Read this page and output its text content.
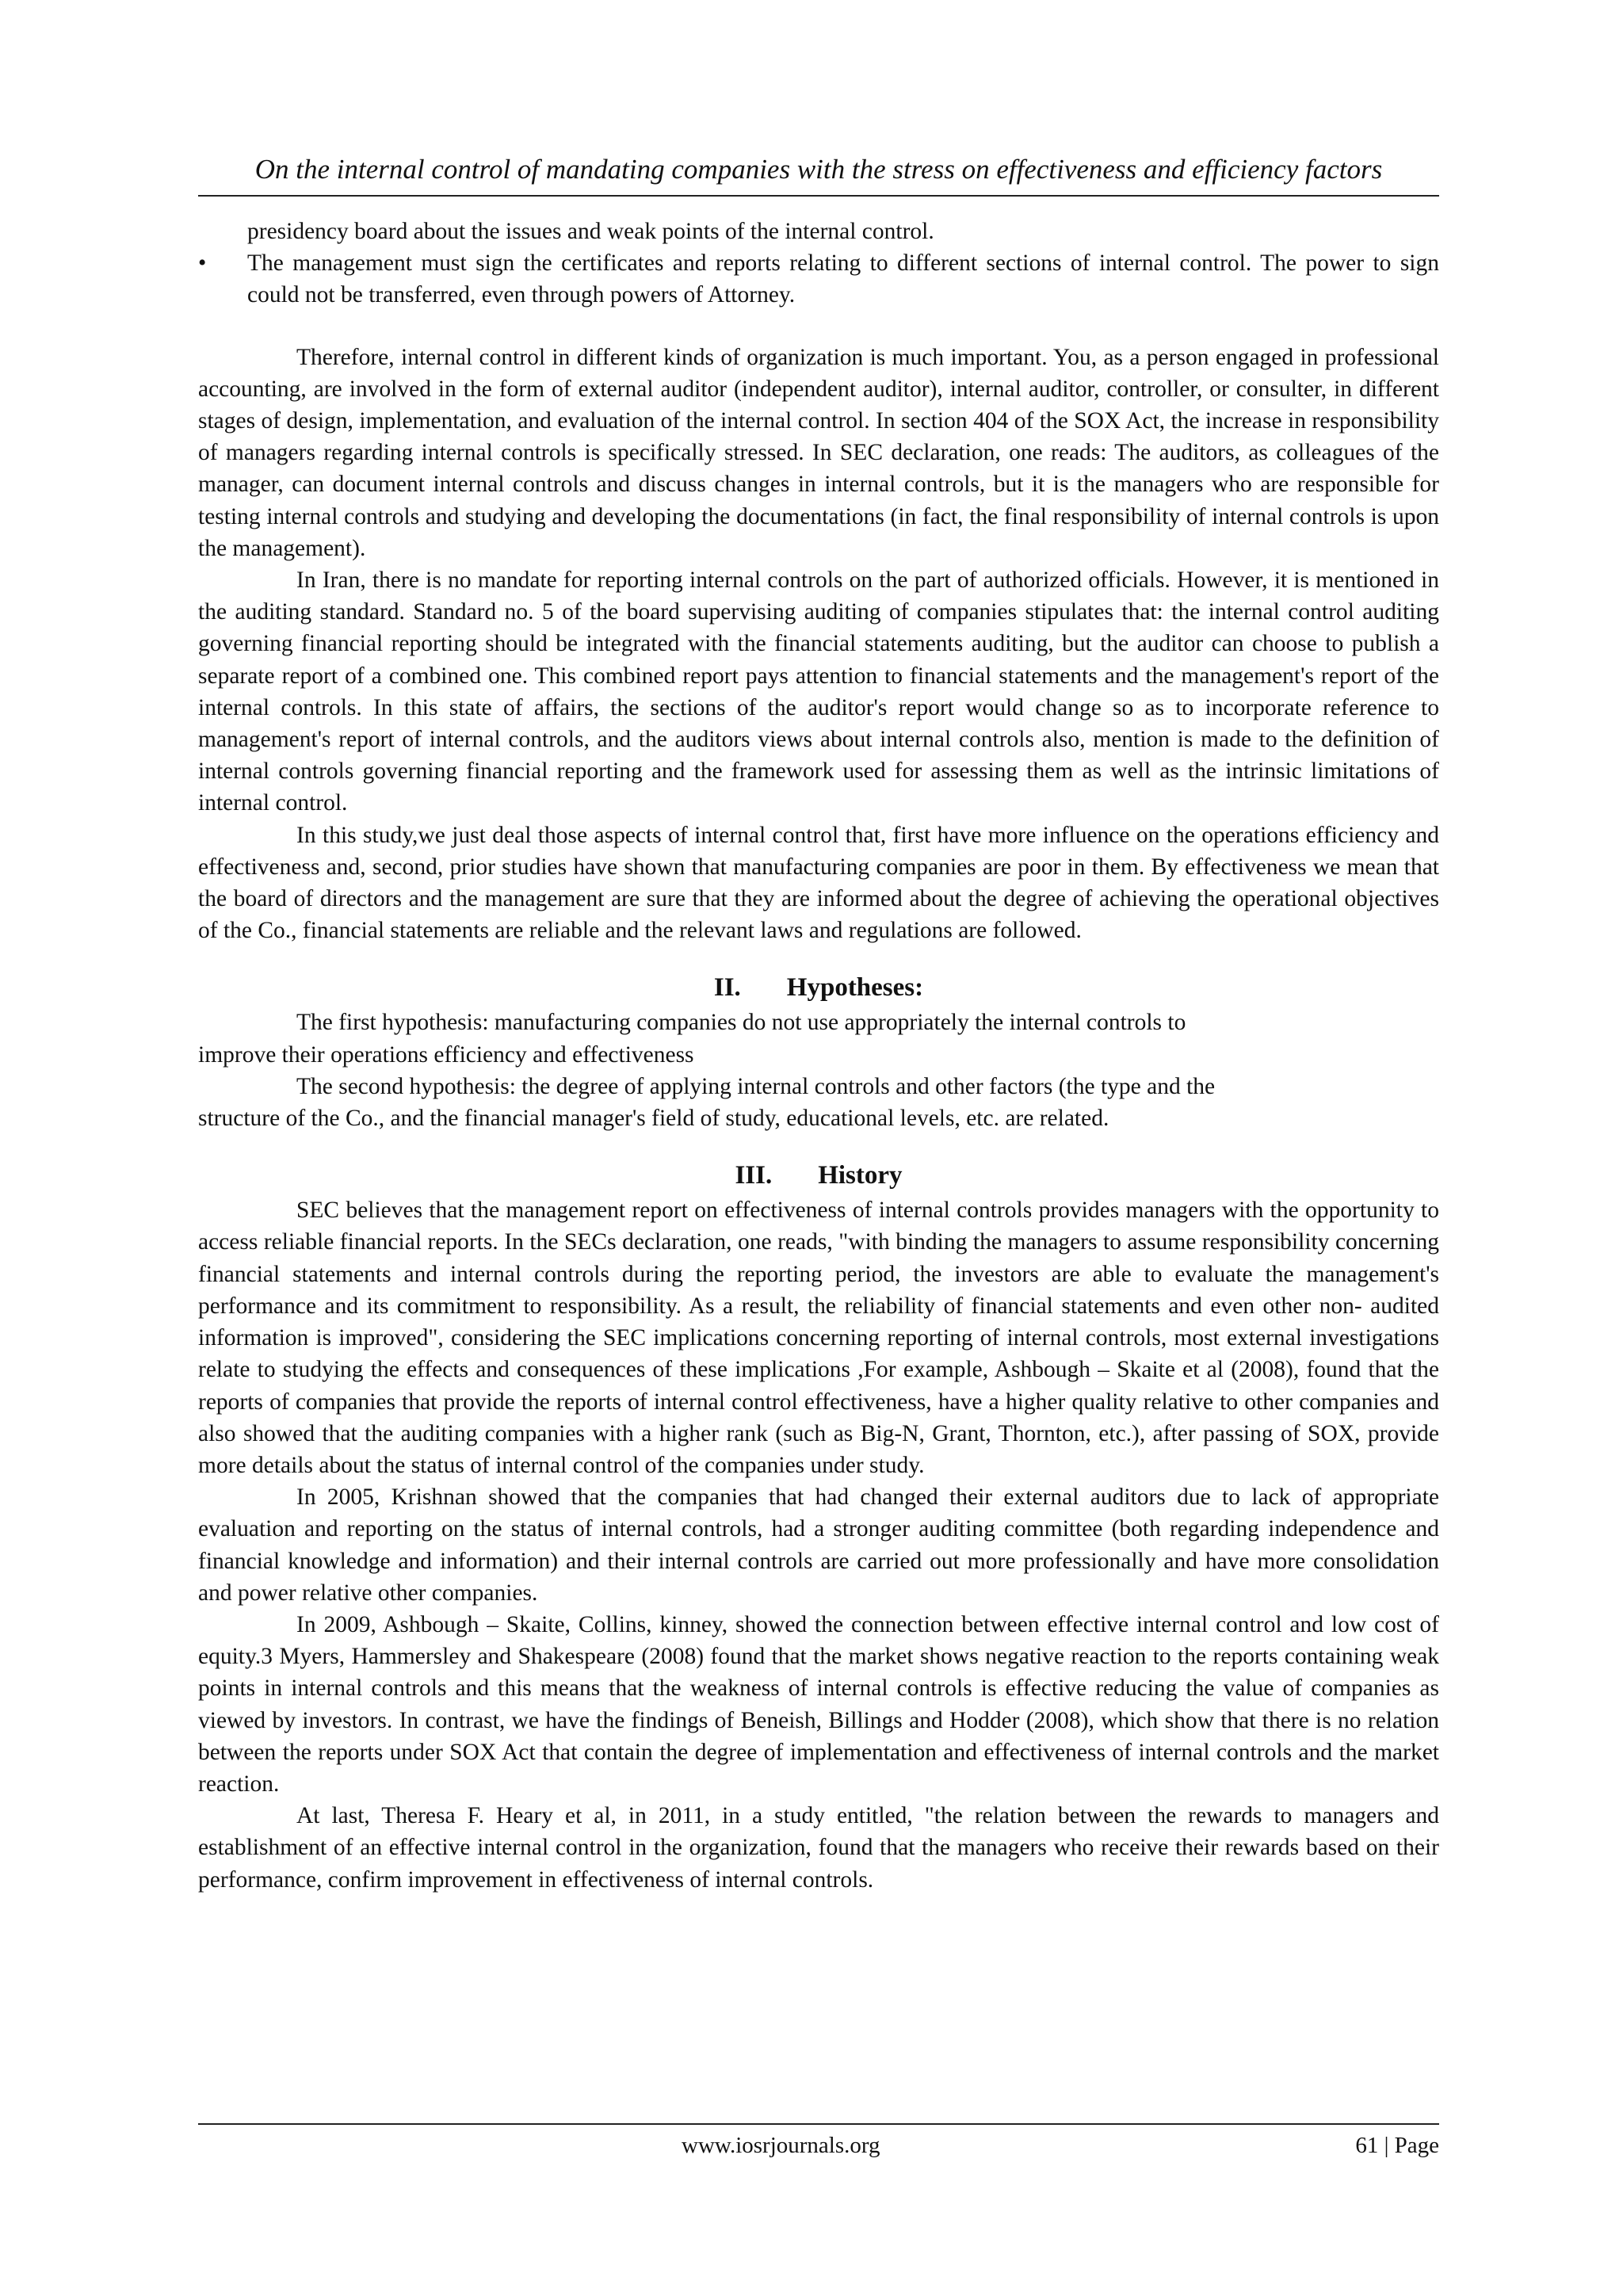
On the internal control of mandating companies with the stress on effectiveness and efficiency factors

presidency board about the issues and weak points of the internal control.

• The management must sign the certificates and reports relating to different sections of internal control. The power to sign could not be transferred, even through powers of Attorney.

Therefore, internal control in different kinds of organization is much important. You, as a person engaged in professional accounting, are involved in the form of external auditor (independent auditor), internal auditor, controller, or consulter, in different stages of design, implementation, and evaluation of the internal control. In section 404 of the SOX Act, the increase in responsibility of managers regarding internal controls is specifically stressed. In SEC declaration, one reads: The auditors, as colleagues of the manager, can document internal controls and discuss changes in internal controls, but it is the managers who are responsible for testing internal controls and studying and developing the documentations (in fact, the final responsibility of internal controls is upon the management).

In Iran, there is no mandate for reporting internal controls on the part of authorized officials. However, it is mentioned in the auditing standard. Standard no. 5 of the board supervising auditing of companies stipulates that: the internal control auditing governing financial reporting should be integrated with the financial statements auditing, but the auditor can choose to publish a separate report of a combined one. This combined report pays attention to financial statements and the management's report of the internal controls. In this state of affairs, the sections of the auditor's report would change so as to incorporate reference to management's report of internal controls, and the auditors views about internal controls also, mention is made to the definition of internal controls governing financial reporting and the framework used for assessing them as well as the intrinsic limitations of internal control.

In this study,we just deal those aspects of internal control that, first have more influence on the operations efficiency and effectiveness and, second, prior studies have shown that manufacturing companies are poor in them. By effectiveness we mean that the board of directors and the management are sure that they are informed about the degree of achieving the operational objectives of the Co., financial statements are reliable and the relevant laws and regulations are followed.

II. Hypotheses:

The first hypothesis: manufacturing companies do not use appropriately the internal controls to

improve their operations efficiency and effectiveness

The second hypothesis: the degree of applying internal controls and other factors (the type and the

structure of the Co., and the financial manager's field of study, educational levels, etc. are related.

III. History

SEC believes that the management report on effectiveness of internal controls provides managers with the opportunity to access reliable financial reports. In the SECs declaration, one reads, "with binding the managers to assume responsibility concerning financial statements and internal controls during the reporting period, the investors are able to evaluate the management's performance and its commitment to responsibility. As a result, the reliability of financial statements and even other non- audited information is improved", considering the SEC implications concerning reporting of internal controls, most external investigations relate to studying the effects and consequences of these implications ,For example, Ashbough – Skaite et al (2008), found that the reports of companies that provide the reports of internal control effectiveness, have a higher quality relative to other companies and also showed that the auditing companies with a higher rank (such as Big-N, Grant, Thornton, etc.), after passing of SOX, provide more details about the status of internal control of the companies under study.

In 2005, Krishnan showed that the companies that had changed their external auditors due to lack of appropriate evaluation and reporting on the status of internal controls, had a stronger auditing committee (both regarding independence and financial knowledge and information) and their internal controls are carried out more professionally and have more consolidation and power relative other companies.

In 2009, Ashbough – Skaite, Collins, kinney, showed the connection between effective internal control and low cost of equity.3 Myers, Hammersley and Shakespeare (2008) found that the market shows negative reaction to the reports containing weak points in internal controls and this means that the weakness of internal controls is effective reducing the value of companies as viewed by investors. In contrast, we have the findings of Beneish, Billings and Hodder (2008), which show that there is no relation between the reports under SOX Act that contain the degree of implementation and effectiveness of internal controls and the market reaction.

At last, Theresa F. Heary et al, in 2011, in a study entitled, "the relation between the rewards to managers and establishment of an effective internal control in the organization, found that the managers who receive their rewards based on their performance, confirm improvement in effectiveness of internal controls.

www.iosrjournals.org	61 | Page
